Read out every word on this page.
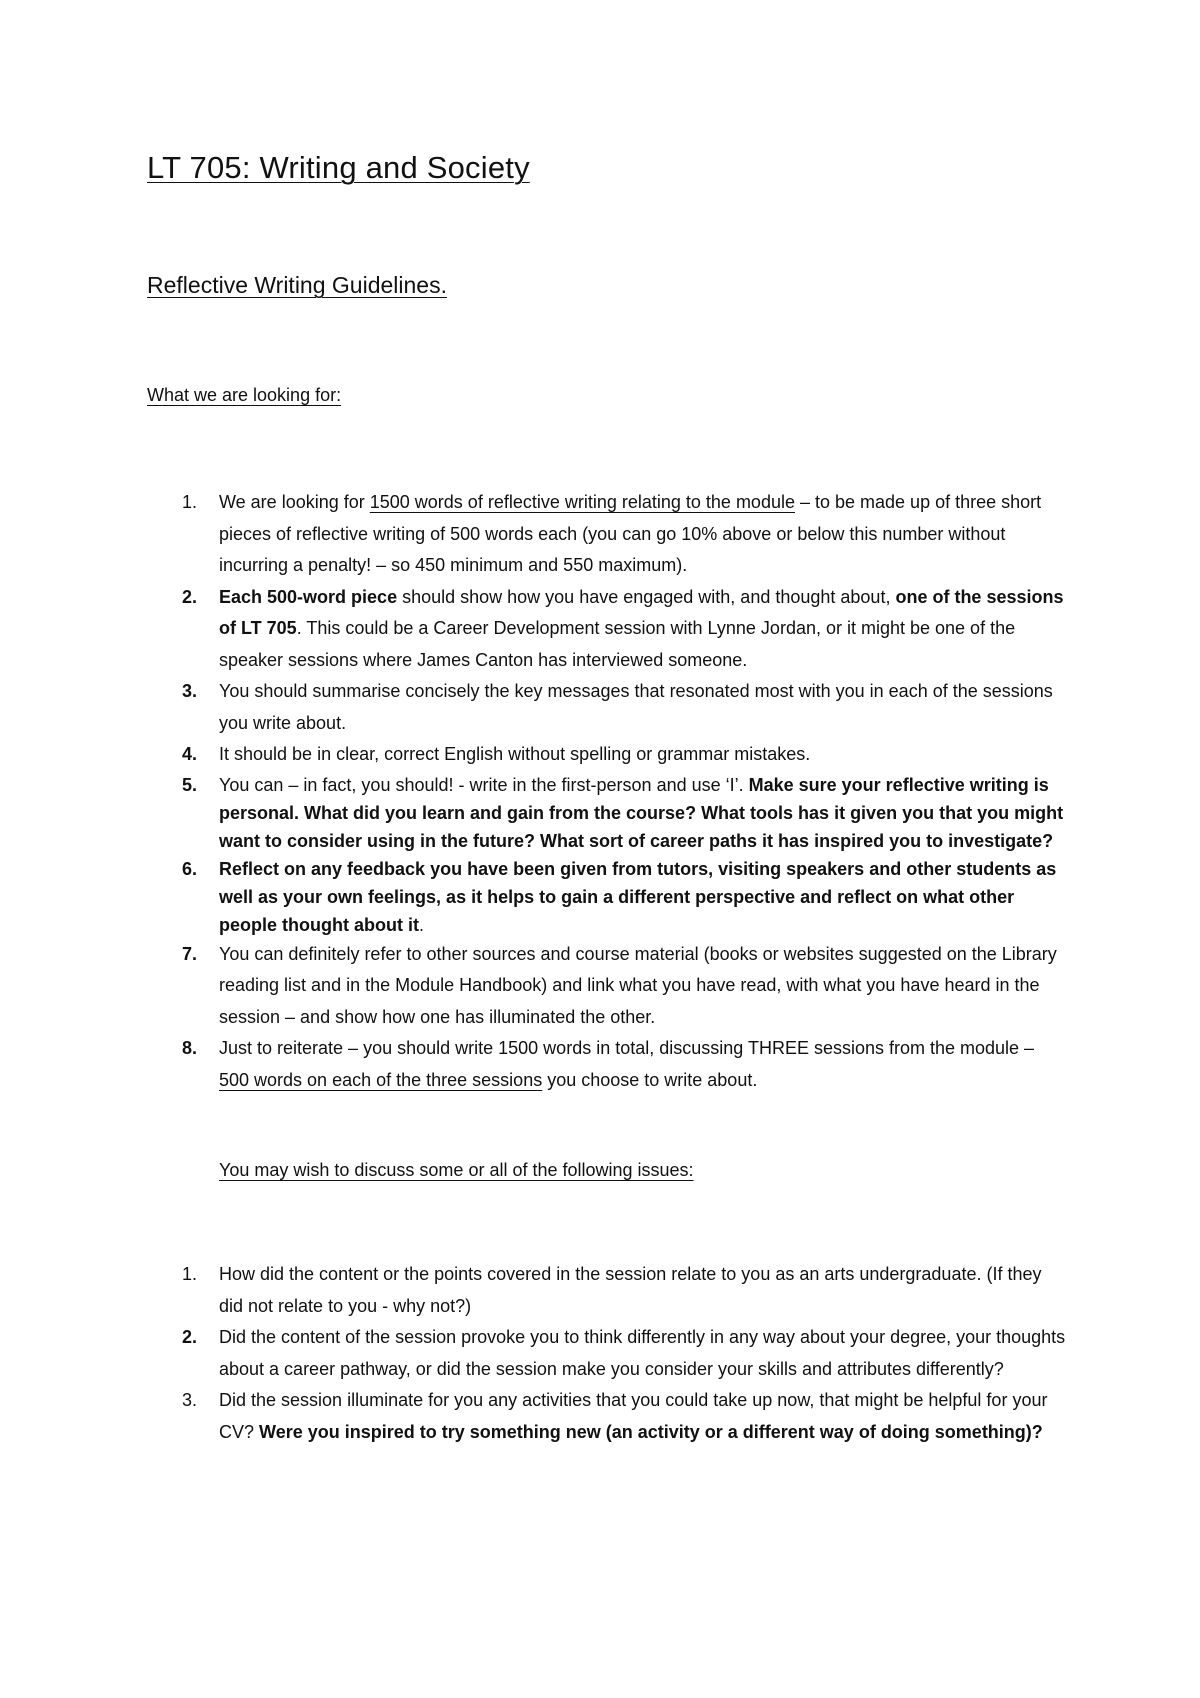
LT 705: Writing and Society
Reflective Writing Guidelines.

What we are looking for:

1. We are looking for 1500 words of reflective writing relating to the module – to be made up of three short pieces of reflective writing of 500 words each (you can go 10% above or below this number without incurring a penalty! – so 450 minimum and 550 maximum).
2. Each 500-word piece should show how you have engaged with, and thought about, one of the sessions of LT 705. This could be a Career Development session with Lynne Jordan, or it might be one of the speaker sessions where James Canton has interviewed someone.
3. You should summarise concisely the key messages that resonated most with you in each of the sessions you write about.
4. It should be in clear, correct English without spelling or grammar mistakes.
5. You can – in fact, you should! - write in the first-person and use ‘I’. Make sure your reflective writing is personal. What did you learn and gain from the course? What tools has it given you that you might want to consider using in the future? What sort of career paths it has inspired you to investigate?
6. Reflect on any feedback you have been given from tutors, visiting speakers and other students as well as your own feelings, as it helps to gain a different perspective and reflect on what other people thought about it.
7. You can definitely refer to other sources and course material (books or websites suggested on the Library reading list and in the Module Handbook) and link what you have read, with what you have heard in the session – and show how one has illuminated the other.
8. Just to reiterate – you should write 1500 words in total, discussing THREE sessions from the module – 500 words on each of the three sessions you choose to write about.

You may wish to discuss some or all of the following issues:

1. How did the content or the points covered in the session relate to you as an arts undergraduate. (If they did not relate to you - why not?)
2. Did the content of the session provoke you to think differently in any way about your degree, your thoughts about a career pathway, or did the session make you consider your skills and attributes differently?
3. Did the session illuminate for you any activities that you could take up now, that might be helpful for your CV? Were you inspired to try something new (an activity or a different way of doing something)?
